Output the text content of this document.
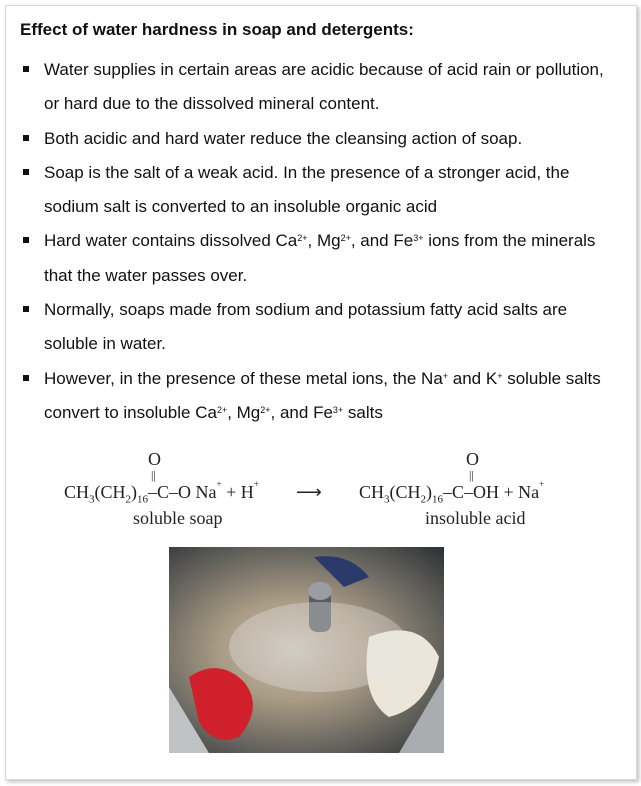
Effect of water hardness in soap and detergents:
Water supplies in certain areas are acidic because of acid rain or pollution, or hard due to the dissolved mineral content.
Both acidic and hard water reduce the cleansing action of soap.
Soap is the salt of a weak acid. In the presence of a stronger acid, the sodium salt is converted to an insoluble organic acid
Hard water contains dissolved $Ca^{2+}$, $Mg^{2+}$, and $Fe^{3+}$ ions from the minerals that the water passes over.
Normally, soaps made from sodium and potassium fatty acid salts are soluble in water.
However, in the presence of these metal ions, the Na+ and K+ soluble salts convert to insoluble $Ca^{2+}$, $Mg^{2+}$, and $Fe^{3+}$ salts
O
||
$CH_3(CH_2)_{16}-C-O$ Na+ + H+ ⟶
O
||
$CH_3(CH_2)_{16}-C-OH + Na^+$
soluble soap	insoluble acid
